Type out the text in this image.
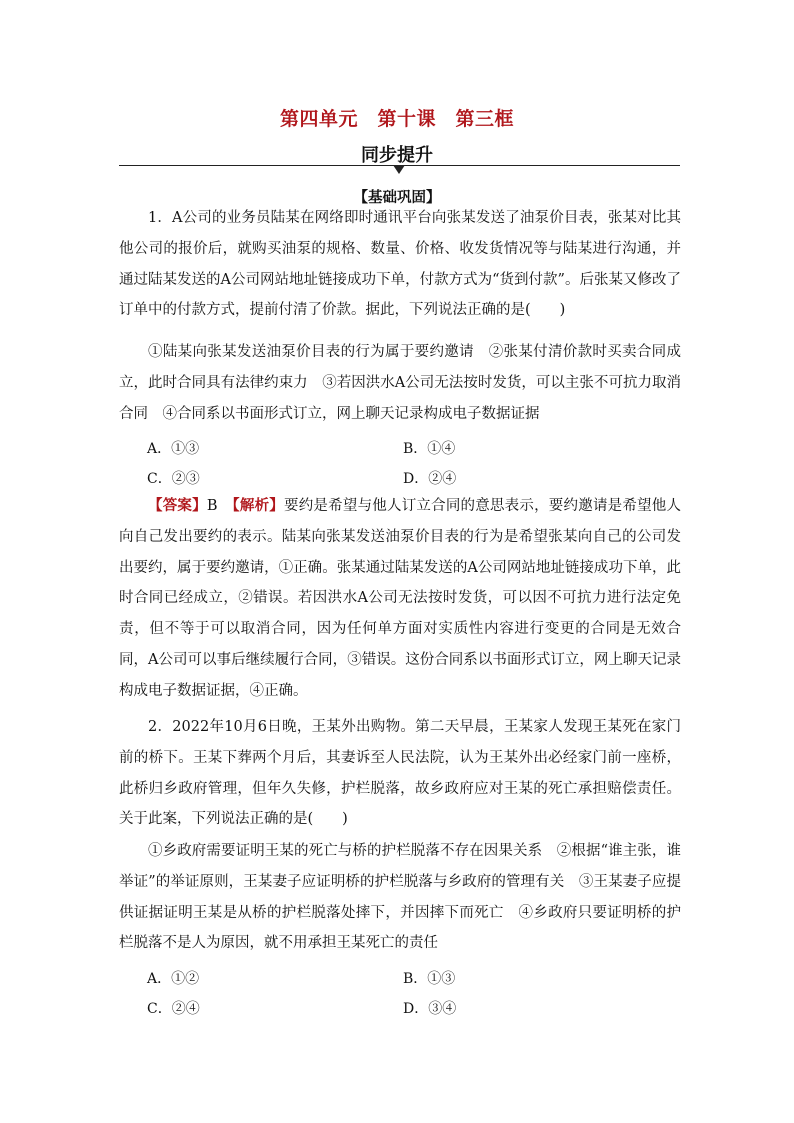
第四单元　第十课　第三框
同步提升
【基础巩固】

1．A公司的业务员陆某在网络即时通讯平台向张某发送了油泵价目表，张某对比其他公司的报价后，就购买油泵的规格、数量、价格、收发货情况等与陆某进行沟通，并通过陆某发送的A公司网站地址链接成功下单，付款方式为“货到付款”。后张某又修改了订单中的付款方式，提前付清了价款。据此，下列说法正确的是(　　)

①陆某向张某发送油泵价目表的行为属于要约邀请　②张某付清价款时买卖合同成立，此时合同具有法律约束力　③若因洪水A公司无法按时发货，可以主张不可抗力取消合同　④合同系以书面形式订立，网上聊天记录构成电子数据证据

A．①③	B．①④
C．②③	D．②④

【答案】B　 【解析】要约是希望与他人订立合同的意思表示，要约邀请是希望他人向自己发出要约的表示。陆某向张某发送油泵价目表的行为是希望张某向自己的公司发出要约，属于要约邀请，①正确。张某通过陆某发送的A公司网站地址链接成功下单，此时合同已经成立，②错误。若因洪水A公司无法按时发货，可以因不可抗力进行法定免责，但不等于可以取消合同，因为任何单方面对实质性内容进行变更的合同是无效合同，A公司可以事后继续履行合同，③错误。这份合同系以书面形式订立，网上聊天记录构成电子数据证据，④正确。

2．2022年10月6日晚，王某外出购物。第二天早晨，王某家人发现王某死在家门前的桥下。王某下葬两个月后，其妻诉至人民法院，认为王某外出必经家门前一座桥，此桥归乡政府管理，但年久失修，护栏脱落，故乡政府应对王某的死亡承担赔偿责任。关于此案，下列说法正确的是(　　)

①乡政府需要证明王某的死亡与桥的护栏脱落不存在因果关系　②根据“谁主张，谁举证”的举证原则，王某妻子应证明桥的护栏脱落与乡政府的管理有关　③王某妻子应提供证据证明王某是从桥的护栏脱落处摔下，并因摔下而死亡　④乡政府只要证明桥的护栏脱落不是人为原因，就不用承担王某死亡的责任

A．①②	B．①③
C．②④	D．③④
